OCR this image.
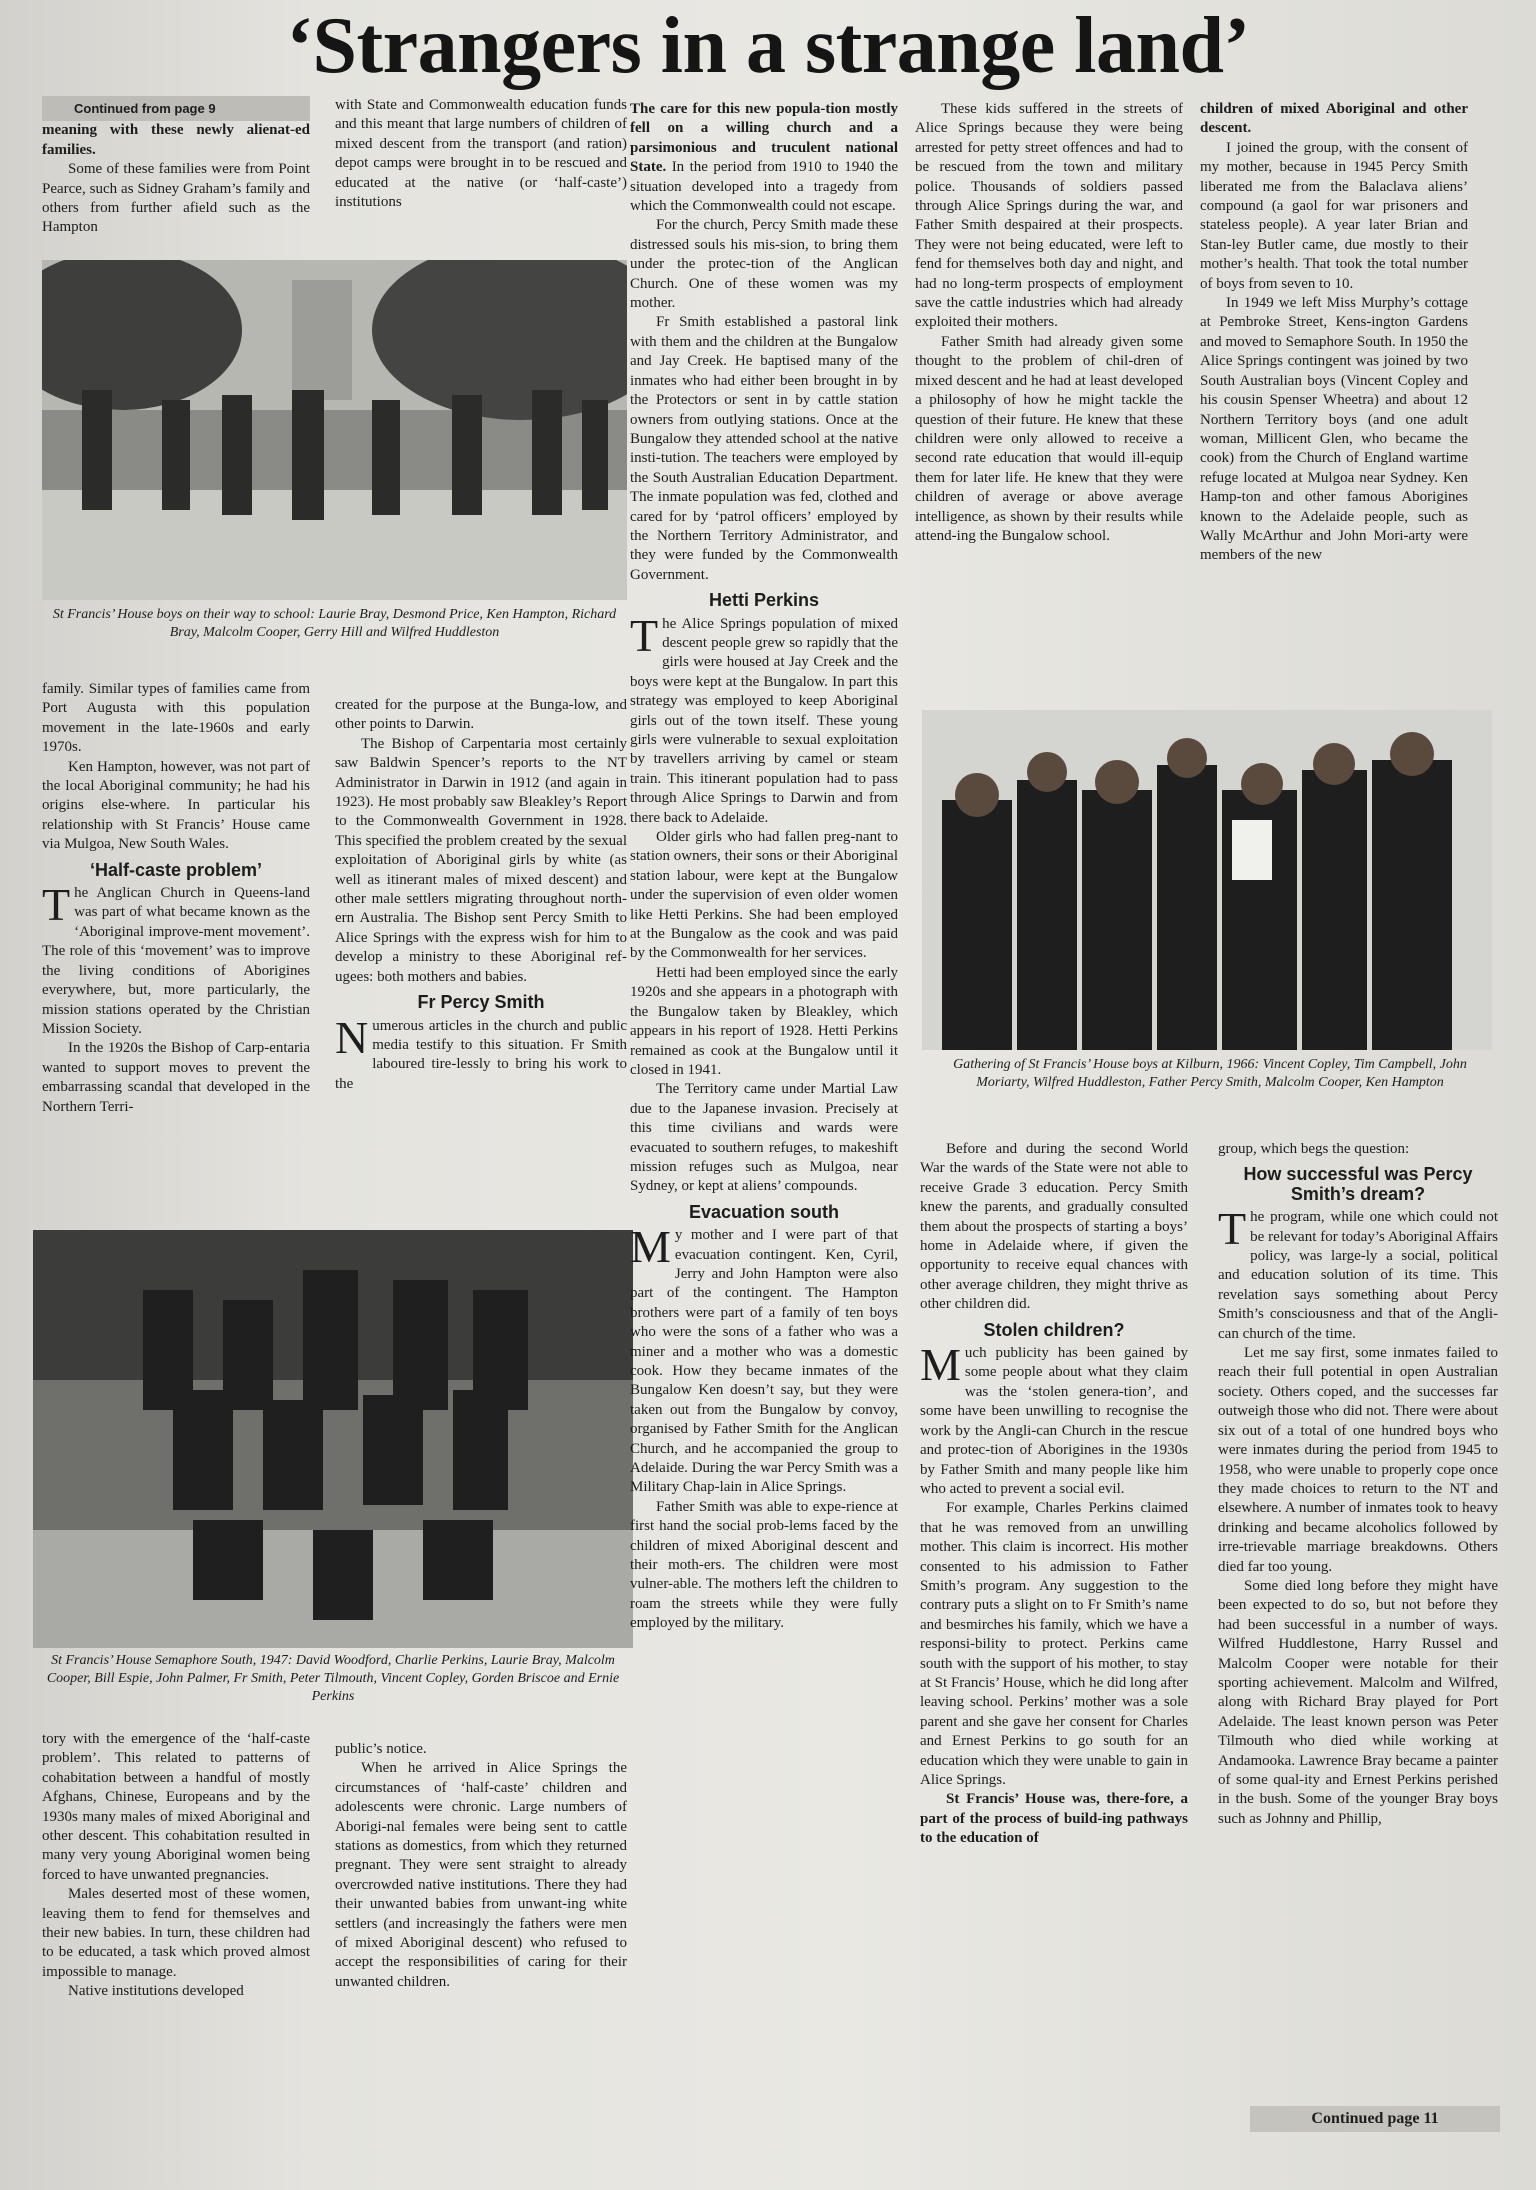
‘Strangers in a strange land’

Continued from page 9

meaning with these newly alienat-ed families.

Some of these families were from Point Pearce, such as Sidney Graham’s family and others from further afield such as the Hampton

with State and Commonwealth education funds and this meant that large numbers of children of mixed descent from the transport (and ration) depot camps were brought in to be rescued and educated at the native (or ‘half-caste’) institutions

St Francis’ House boys on their way to school: Laurie Bray, Desmond Price, Ken Hampton, Richard Bray, Malcolm Cooper, Gerry Hill and Wilfred Huddleston

family. Similar types of families came from Port Augusta with this population movement in the late-1960s and early 1970s.

Ken Hampton, however, was not part of the local Aboriginal community; he had his origins else-where. In particular his relationship with St Francis’ House came via Mulgoa, New South Wales.

‘Half-caste problem’

The Anglican Church in Queens-land was part of what became known as the ‘Aboriginal improve-ment movement’. The role of this ‘movement’ was to improve the living conditions of Aborigines everywhere, but, more particularly, the mission stations operated by the Christian Mission Society.

In the 1920s the Bishop of Carp-entaria wanted to support moves to prevent the embarrassing scandal that developed in the Northern Terri-

created for the purpose at the Bunga-low, and other points to Darwin.

The Bishop of Carpentaria most certainly saw Baldwin Spencer’s reports to the NT Administrator in Darwin in 1912 (and again in 1923). He most probably saw Bleakley’s Report to the Commonwealth Government in 1928. This specified the problem created by the sexual exploitation of Aboriginal girls by white (as well as itinerant males of mixed descent) and other male settlers migrating throughout north-ern Australia. The Bishop sent Percy Smith to Alice Springs with the express wish for him to develop a ministry to these Aboriginal ref-ugees: both mothers and babies.

Fr Percy Smith

Numerous articles in the church and public media testify to this situation. Fr Smith laboured tire-lessly to bring his work to the

St Francis’ House Semaphore South, 1947: David Woodford, Charlie Perkins, Laurie Bray, Malcolm Cooper, Bill Espie, John Palmer, Fr Smith, Peter Tilmouth, Vincent Copley, Gorden Briscoe and Ernie Perkins

tory with the emergence of the ‘half-caste problem’. This related to patterns of cohabitation between a handful of mostly Afghans, Chinese, Europeans and by the 1930s many males of mixed Aboriginal and other descent. This cohabitation resulted in many very young Aboriginal women being forced to have unwanted pregnancies.

Males deserted most of these women, leaving them to fend for themselves and their new babies. In turn, these children had to be educated, a task which proved almost impossible to manage.

Native institutions developed

public’s notice.

When he arrived in Alice Springs the circumstances of ‘half-caste’ children and adolescents were chronic. Large numbers of Aborigi-nal females were being sent to cattle stations as domestics, from which they returned pregnant. They were sent straight to already overcrowded native institutions. There they had their unwanted babies from unwant-ing white settlers (and increasingly the fathers were men of mixed Aboriginal descent) who refused to accept the responsibilities of caring for their unwanted children.

The care for this new popula-tion mostly fell on a willing church and a parsimonious and truculent national State. In the period from 1910 to 1940 the situation developed into a tragedy from which the Commonwealth could not escape.

For the church, Percy Smith made these distressed souls his mis-sion, to bring them under the protec-tion of the Anglican Church. One of these women was my mother.

Fr Smith established a pastoral link with them and the children at the Bungalow and Jay Creek. He baptised many of the inmates who had either been brought in by the Protectors or sent in by cattle station owners from outlying stations. Once at the Bungalow they attended school at the native insti-tution. The teachers were employed by the South Australian Education Department. The inmate population was fed, clothed and cared for by ‘patrol officers’ employed by the Northern Territory Administrator, and they were funded by the Commonwealth Government.

Hetti Perkins

The Alice Springs population of mixed descent people grew so rapidly that the girls were housed at Jay Creek and the boys were kept at the Bungalow. In part this strategy was employed to keep Aboriginal girls out of the town itself. These young girls were vulnerable to sexual exploitation by travellers arriving by camel or steam train. This itinerant population had to pass through Alice Springs to Darwin and from there back to Adelaide.

Older girls who had fallen preg-nant to station owners, their sons or their Aboriginal station labour, were kept at the Bungalow under the supervision of even older women like Hetti Perkins. She had been employed at the Bungalow as the cook and was paid by the Commonwealth for her services.

Hetti had been employed since the early 1920s and she appears in a photograph with the Bungalow taken by Bleakley, which appears in his report of 1928. Hetti Perkins remained as cook at the Bungalow until it closed in 1941.

The Territory came under Martial Law due to the Japanese invasion. Precisely at this time civilians and wards were evacuated to southern refuges, to makeshift mission refuges such as Mulgoa, near Sydney, or kept at aliens’ compounds.

Evacuation south

My mother and I were part of that evacuation contingent. Ken, Cyril, Jerry and John Hampton were also part of the contingent. The Hampton brothers were part of a family of ten boys who were the sons of a father who was a miner and a mother who was a domestic cook. How they became inmates of the Bungalow Ken doesn’t say, but they were taken out from the Bungalow by convoy, organised by Father Smith for the Anglican Church, and he accompanied the group to Adelaide. During the war Percy Smith was a Military Chap-lain in Alice Springs.

Father Smith was able to expe-rience at first hand the social prob-lems faced by the children of mixed Aboriginal descent and their moth-ers. The children were most vulner-able. The mothers left the children to roam the streets while they were fully employed by the military.

These kids suffered in the streets of Alice Springs because they were being arrested for petty street offences and had to be rescued from the town and military police. Thousands of soldiers passed through Alice Springs during the war, and Father Smith despaired at their prospects. They were not being educated, were left to fend for themselves both day and night, and had no long-term prospects of employment save the cattle industries which had already exploited their mothers.

Father Smith had already given some thought to the problem of chil-dren of mixed descent and he had at least developed a philosophy of how he might tackle the question of their future. He knew that these children were only allowed to receive a second rate education that would ill-equip them for later life. He knew that they were children of average or above average intelligence, as shown by their results while attend-ing the Bungalow school.

children of mixed Aboriginal and other descent.

I joined the group, with the consent of my mother, because in 1945 Percy Smith liberated me from the Balaclava aliens’ compound (a gaol for war prisoners and stateless people). A year later Brian and Stan-ley Butler came, due mostly to their mother’s health. That took the total number of boys from seven to 10.

In 1949 we left Miss Murphy’s cottage at Pembroke Street, Kens-ington Gardens and moved to Semaphore South. In 1950 the Alice Springs contingent was joined by two South Australian boys (Vincent Copley and his cousin Spenser Wheetra) and about 12 Northern Territory boys (and one adult woman, Millicent Glen, who became the cook) from the Church of England wartime refuge located at Mulgoa near Sydney. Ken Hamp-ton and other famous Aborigines known to the Adelaide people, such as Wally McArthur and John Mori-arty were members of the new

Gathering of St Francis’ House boys at Kilburn, 1966: Vincent Copley, Tim Campbell, John Moriarty, Wilfred Huddleston, Father Percy Smith, Malcolm Cooper, Ken Hampton

Before and during the second World War the wards of the State were not able to receive Grade 3 education. Percy Smith knew the parents, and gradually consulted them about the prospects of starting a boys’ home in Adelaide where, if given the opportunity to receive equal chances with other average children, they might thrive as other children did.

Stolen children?

Much publicity has been gained by some people about what they claim was the ‘stolen genera-tion’, and some have been unwilling to recognise the work by the Angli-can Church in the rescue and protec-tion of Aborigines in the 1930s by Father Smith and many people like him who acted to prevent a social evil.

For example, Charles Perkins claimed that he was removed from an unwilling mother. This claim is incorrect. His mother consented to his admission to Father Smith’s program. Any suggestion to the contrary puts a slight on to Fr Smith’s name and besmirches his family, which we have a responsi-bility to protect. Perkins came south with the support of his mother, to stay at St Francis’ House, which he did long after leaving school. Perkins’ mother was a sole parent and she gave her consent for Charles and Ernest Perkins to go south for an education which they were unable to gain in Alice Springs.

St Francis’ House was, there-fore, a part of the process of build-ing pathways to the education of

group, which begs the question:

How successful was Percy Smith’s dream?

The program, while one which could not be relevant for today’s Aboriginal Affairs policy, was large-ly a social, political and education solution of its time. This revelation says something about Percy Smith’s consciousness and that of the Angli-can church of the time.

Let me say first, some inmates failed to reach their full potential in open Australian society. Others coped, and the successes far outweigh those who did not. There were about six out of a total of one hundred boys who were inmates during the period from 1945 to 1958, who were unable to properly cope once they made choices to return to the NT and elsewhere. A number of inmates took to heavy drinking and became alcoholics followed by irre-trievable marriage breakdowns. Others died far too young.

Some died long before they might have been expected to do so, but not before they had been successful in a number of ways. Wilfred Huddlestone, Harry Russel and Malcolm Cooper were notable for their sporting achievement. Malcolm and Wilfred, along with Richard Bray played for Port Adelaide. The least known person was Peter Tilmouth who died while working at Andamooka. Lawrence Bray became a painter of some qual-ity and Ernest Perkins perished in the bush. Some of the younger Bray boys such as Johnny and Phillip,

Continued page 11
